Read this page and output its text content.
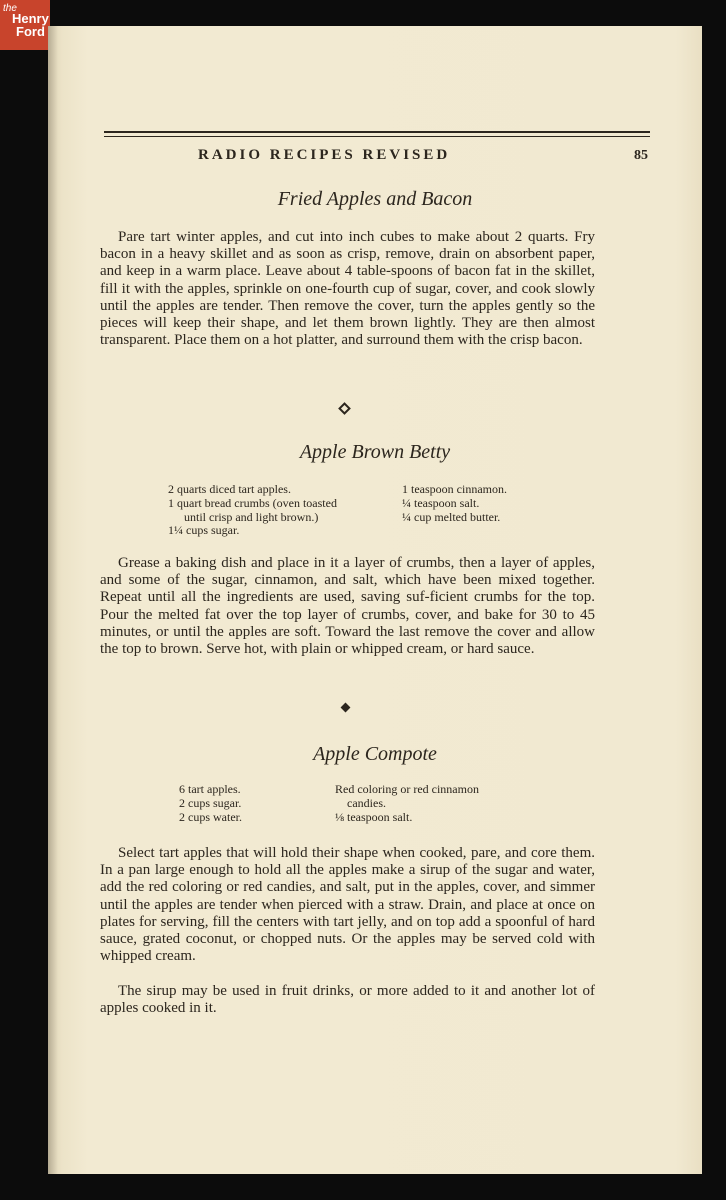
the
Henry
Ford
RADIO RECIPES REVISED	85
Fried Apples and Bacon

Pare tart winter apples, and cut into inch cubes to make about 2 quarts. Fry bacon in a heavy skillet and as soon as crisp, remove, drain on absorbent paper, and keep in a warm place. Leave about 4 table-spoons of bacon fat in the skillet, fill it with the apples, sprinkle on one-fourth cup of sugar, cover, and cook slowly until the apples are tender. Then remove the cover, turn the apples gently so the pieces will keep their shape, and let them brown lightly. They are then almost transparent. Place them on a hot platter, and surround them with the crisp bacon.

Apple Brown Betty
2 quarts diced tart apples.
1 quart bread crumbs (oven toasted
until crisp and light brown.)
1¼ cups sugar.
1 teaspoon cinnamon.
¼ teaspoon salt.
¼ cup melted butter.

Grease a baking dish and place in it a layer of crumbs, then a layer of apples, and some of the sugar, cinnamon, and salt, which have been mixed together. Repeat until all the ingredients are used, saving suf-ficient crumbs for the top. Pour the melted fat over the top layer of crumbs, cover, and bake for 30 to 45 minutes, or until the apples are soft. Toward the last remove the cover and allow the top to brown. Serve hot, with plain or whipped cream, or hard sauce.

Apple Compote
6 tart apples.
2 cups sugar.
2 cups water.
Red coloring or red cinnamon
candies.
⅛ teaspoon salt.

Select tart apples that will hold their shape when cooked, pare, and core them. In a pan large enough to hold all the apples make a sirup of the sugar and water, add the red coloring or red candies, and salt, put in the apples, cover, and simmer until the apples are tender when pierced with a straw. Drain, and place at once on plates for serving, fill the centers with tart jelly, and on top add a spoonful of hard sauce, grated coconut, or chopped nuts. Or the apples may be served cold with whipped cream.

The sirup may be used in fruit drinks, or more added to it and another lot of apples cooked in it.
